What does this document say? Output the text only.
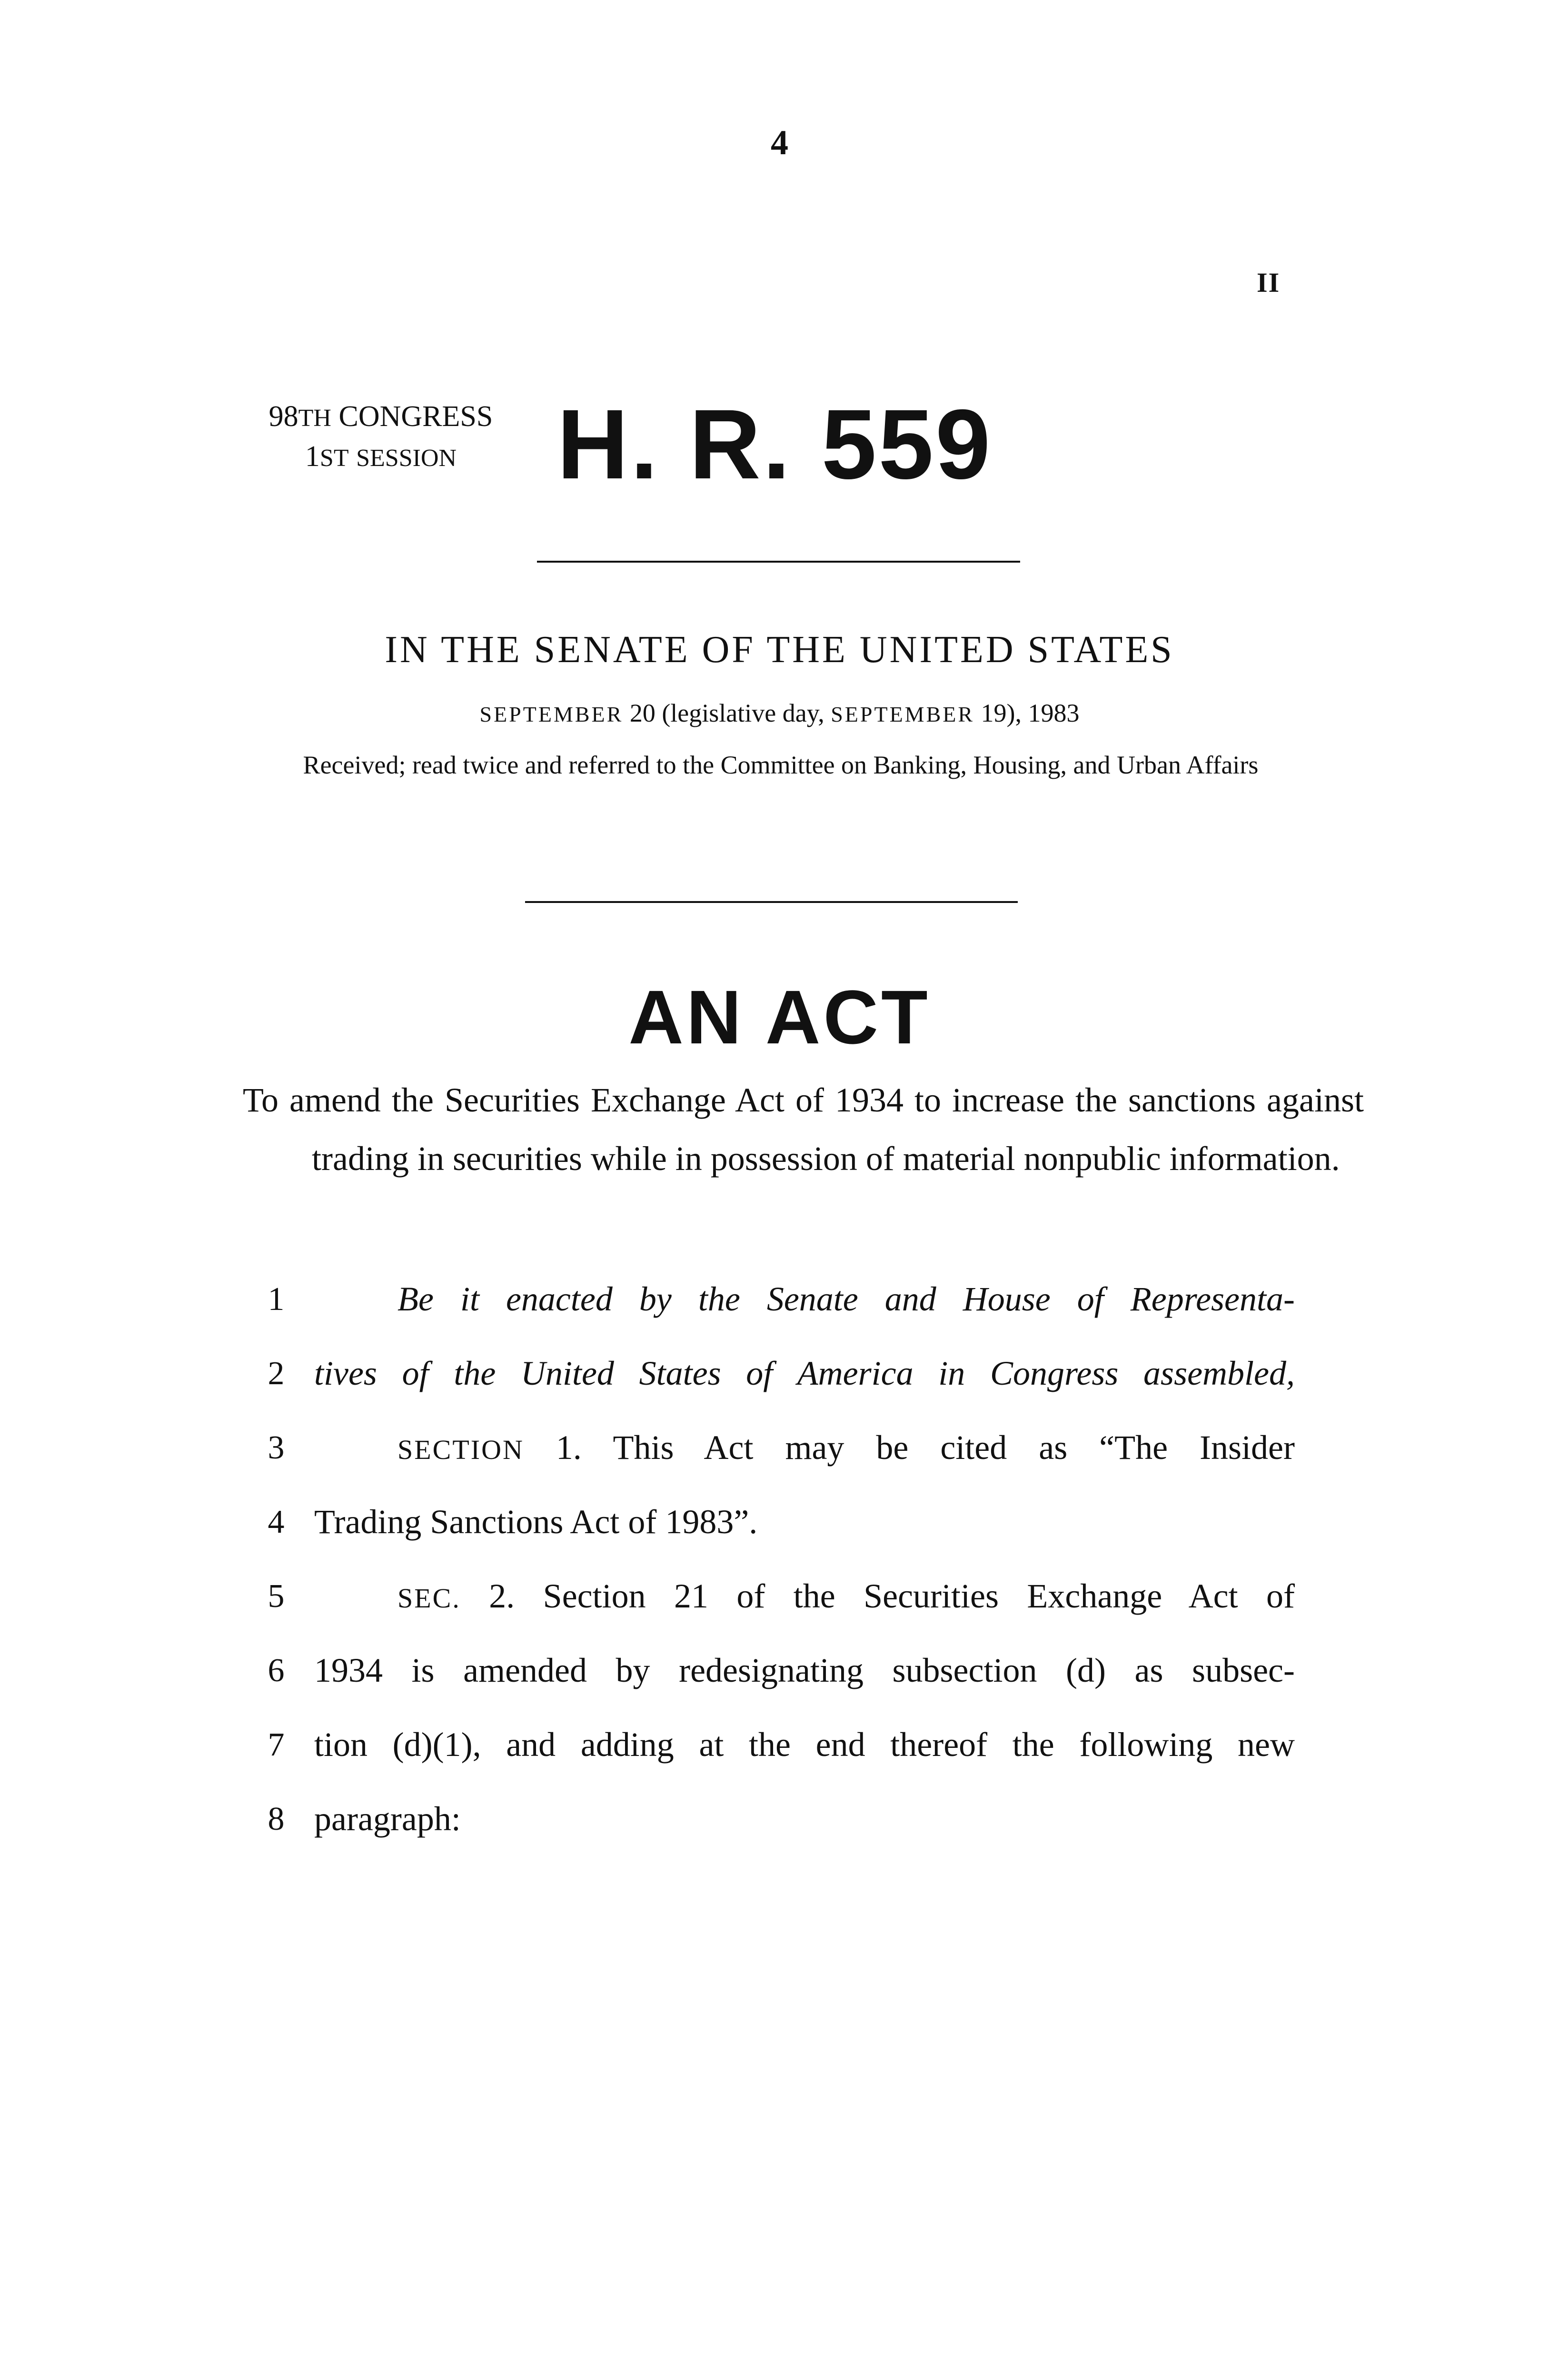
4
II
98TH CONGRESS
1ST SESSION	H. R. 559
IN THE SENATE OF THE UNITED STATES
SEPTEMBER 20 (legislative day, SEPTEMBER 19), 1983
Received; read twice and referred to the Committee on Banking, Housing, and Urban Affairs
AN ACT
To amend the Securities Exchange Act of 1934 to increase the sanctions against trading in securities while in possession of material nonpublic information.
1	Be it enacted by the Senate and House of Representa-
2 tives of the United States of America in Congress assembled,
3	SECTION 1. This Act may be cited as “The Insider
4 Trading Sanctions Act of 1983”.
5	SEC. 2. Section 21 of the Securities Exchange Act of
6 1934 is amended by redesignating subsection (d) as subsec-
7 tion (d)(1), and adding at the end thereof the following new
8 paragraph:
